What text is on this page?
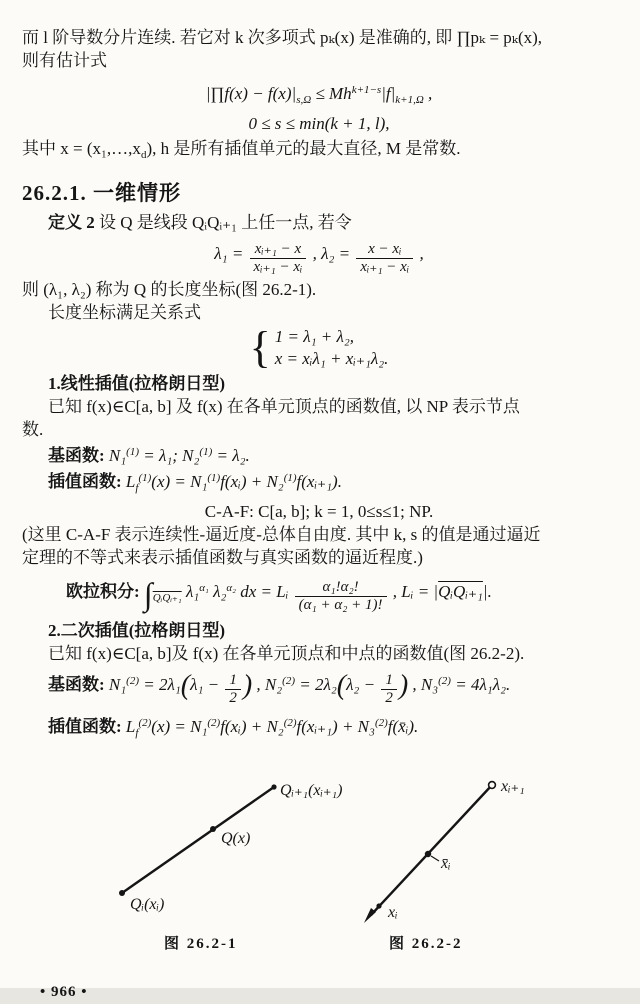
而 l 阶导数分片连续. 若它对 k 次多项式 pₖ(x) 是准确的, 即 ∏pₖ = pₖ(x),
则有估计式
|∏f(x) − $f(x)|_{s,\Omega} \le Mh^{k+1-s}|f|_{k+1,\Omega}$ ,
0 ≤ s ≤ min(k + 1, l),
其中 $x = (x_1,\dots,x_d)$, h 是所有插值单元的最大直径, M 是常数.
26.2.1. 一维情形
定义 2 设 Q 是线段 QᵢQᵢ₊₁ 上任一点, 若令
$\lambda_1 = \frac{\text{xᵢ₊₁ − x}}{\text{xᵢ₊₁ − xᵢ}}$ , $\lambda_2 = \frac{\text{x − xᵢ}}{\text{xᵢ₊₁ − xᵢ}}$ ,
则 (λ₁, λ₂) 称为 Q 的长度坐标(图 26.2-1).
长度坐标满足关系式
{ 1 = λ₁ + λ₂,
x = xᵢλ₁ + xᵢ₊₁λ₂.
1.线性插值(拉格朗日型)
已知 f(x)∈C[a, b] 及 f(x) 在各单元顶点的函数值, 以 NP 表示节点
数.
基函数: N₁$^{(1)}$ = λ₁; N₂$^{(1)}$ = λ₂.
插值函数: $L_f^{(1)}(x)$ = N₁$^{(1)}$f(xᵢ) + N₂$^{(1)}$f(xᵢ₊₁).
C-A-F: C[a, b]; k = 1, 0≤s≤1; NP.
(这里 C-A-F 表示连续性-逼近度-总体自由度. 其中 k, s 的值是通过逼近
定理的不等式来表示插值函数与真实函数的逼近程度.)
欧拉积分: $\int_{QᵢQᵢ_{+1}}$ λ₁$^{\alpha_1}$ λ₂$^{\alpha_2}$ dx = Lᵢ $\frac{\text{α₁!α₂!}}{\text{(α₁ + α₂ + 1)!}}$ , Lᵢ = |QᵢQᵢ₊₁|.
2.二次插值(拉格朗日型)
已知 f(x)∈C[a, b]及 f(x) 在各单元顶点和中点的函数值(图 26.2-2).
基函数: $N_1^{(2)} = 2\lambda_1(\lambda_1 - \frac{1}{2}$ ) , $N_2^{(2)} = 2\lambda_2(\lambda_2 - \frac{1}{2}$ ) , N₃$^{(2)}$ = 4λ₁λ₂.
插值函数: $L_f^{(2)}(x)$ = N₁$^{(2)}$f(xᵢ) + N₂$^{(2)}$f(xᵢ₊₁) + N₃$^{(2)}$f(x̄ᵢ).
Qᵢ₊₁(xᵢ₊₁)
Q(x)
Qᵢ(xᵢ)
图 26.2-1
xᵢ₊₁
x̄ᵢ
xᵢ
图 26.2-2
• 966 •
